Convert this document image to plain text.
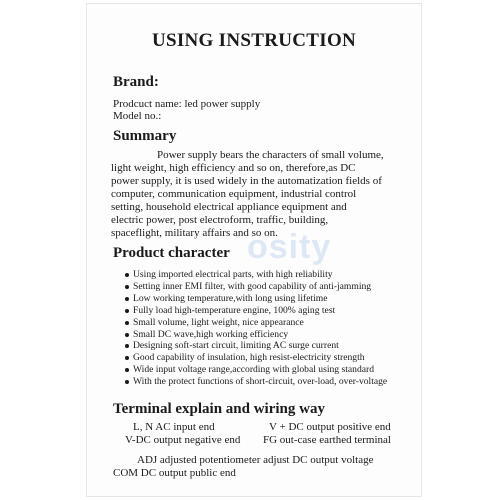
USING INSTRUCTION
Brand:

Prodcuct name: led power supply

Model no.:

Summary

Power supply bears the characters of small volume,

light weight, high efficiency and so on, therefore,as DC

power supply, it is used widely in the automatization fields of

computer, communication equipment, industrial control

setting, household electrical appliance equipment and

electric power, post electroform, traffic, building,

spaceflight, military affairs and so on.

osity
Product character
Using imported electrical parts, with high reliability
Setting inner EMI filter, with good capability of anti-jamming
Low working temperature,with long using lifetime
Fully load high-temperature engine, 100% aging test
Small volume, light weight, nice appearance
Small DC wave,high working efficiency
Designing soft-start circuit, limiting AC surge current
Good capability of insulation, high resist-electricity strength
Wide input voltage range,according with global using standard
With the protect functions of short-circuit, over-load, over-voltage
Terminal explain and wiring way

L, N AC input end	V + DC output positive end

V-DC output negative end FG out-case earthed terminal

ADJ adjusted potentiometer adjust DC output voltage

COM DC output public end
